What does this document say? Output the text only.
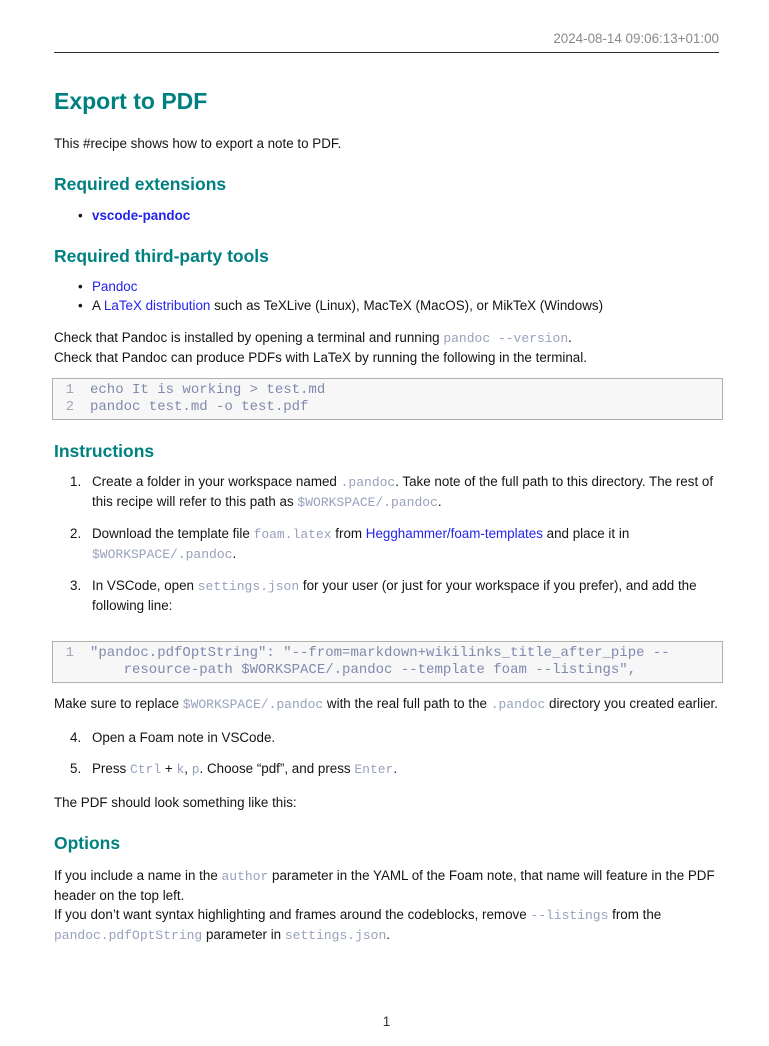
2024-08-14 09:06:13+01:00
Export to PDF

This #recipe shows how to export a note to PDF.

Required extensions
• vscode-pandoc
Required third-party tools
• Pandoc
• A LaTeX distribution such as TeXLive (Linux), MacTeX (MacOS), or MikTeX (Windows)

Check that Pandoc is installed by opening a terminal and running pandoc --version.

Check that Pandoc can produce PDFs with LaTeX by running the following in the terminal.

1 echo It is working > test.md
2 pandoc test.md -o test.pdf
Instructions
1. Create a folder in your workspace named .pandoc. Take note of the full path to this directory. The rest of this recipe will refer to this path as $WORKSPACE/.pandoc.
2. Download the template file foam.latex from Hegghammer/foam-templates and place it in $WORKSPACE/.pandoc.
3. In VSCode, open settings.json for your user (or just for your workspace if you prefer), and add the following line:
1 "pandoc.pdfOptString": "--from=markdown+wikilinks_title_after_pipe --
resource-path $WORKSPACE/.pandoc --template foam --listings",

Make sure to replace $WORKSPACE/.pandoc with the real full path to the .pandoc directory you created earlier.

4. Open a Foam note in VSCode.
5. Press Ctrl + k, p. Choose “pdf”, and press Enter.

The PDF should look something like this:

Options

If you include a name in the author parameter in the YAML of the Foam note, that name will feature in the PDF header on the top left.

If you don’t want syntax highlighting and frames around the codeblocks, remove --listings from the pandoc.pdfOptString parameter in settings.json.

1
